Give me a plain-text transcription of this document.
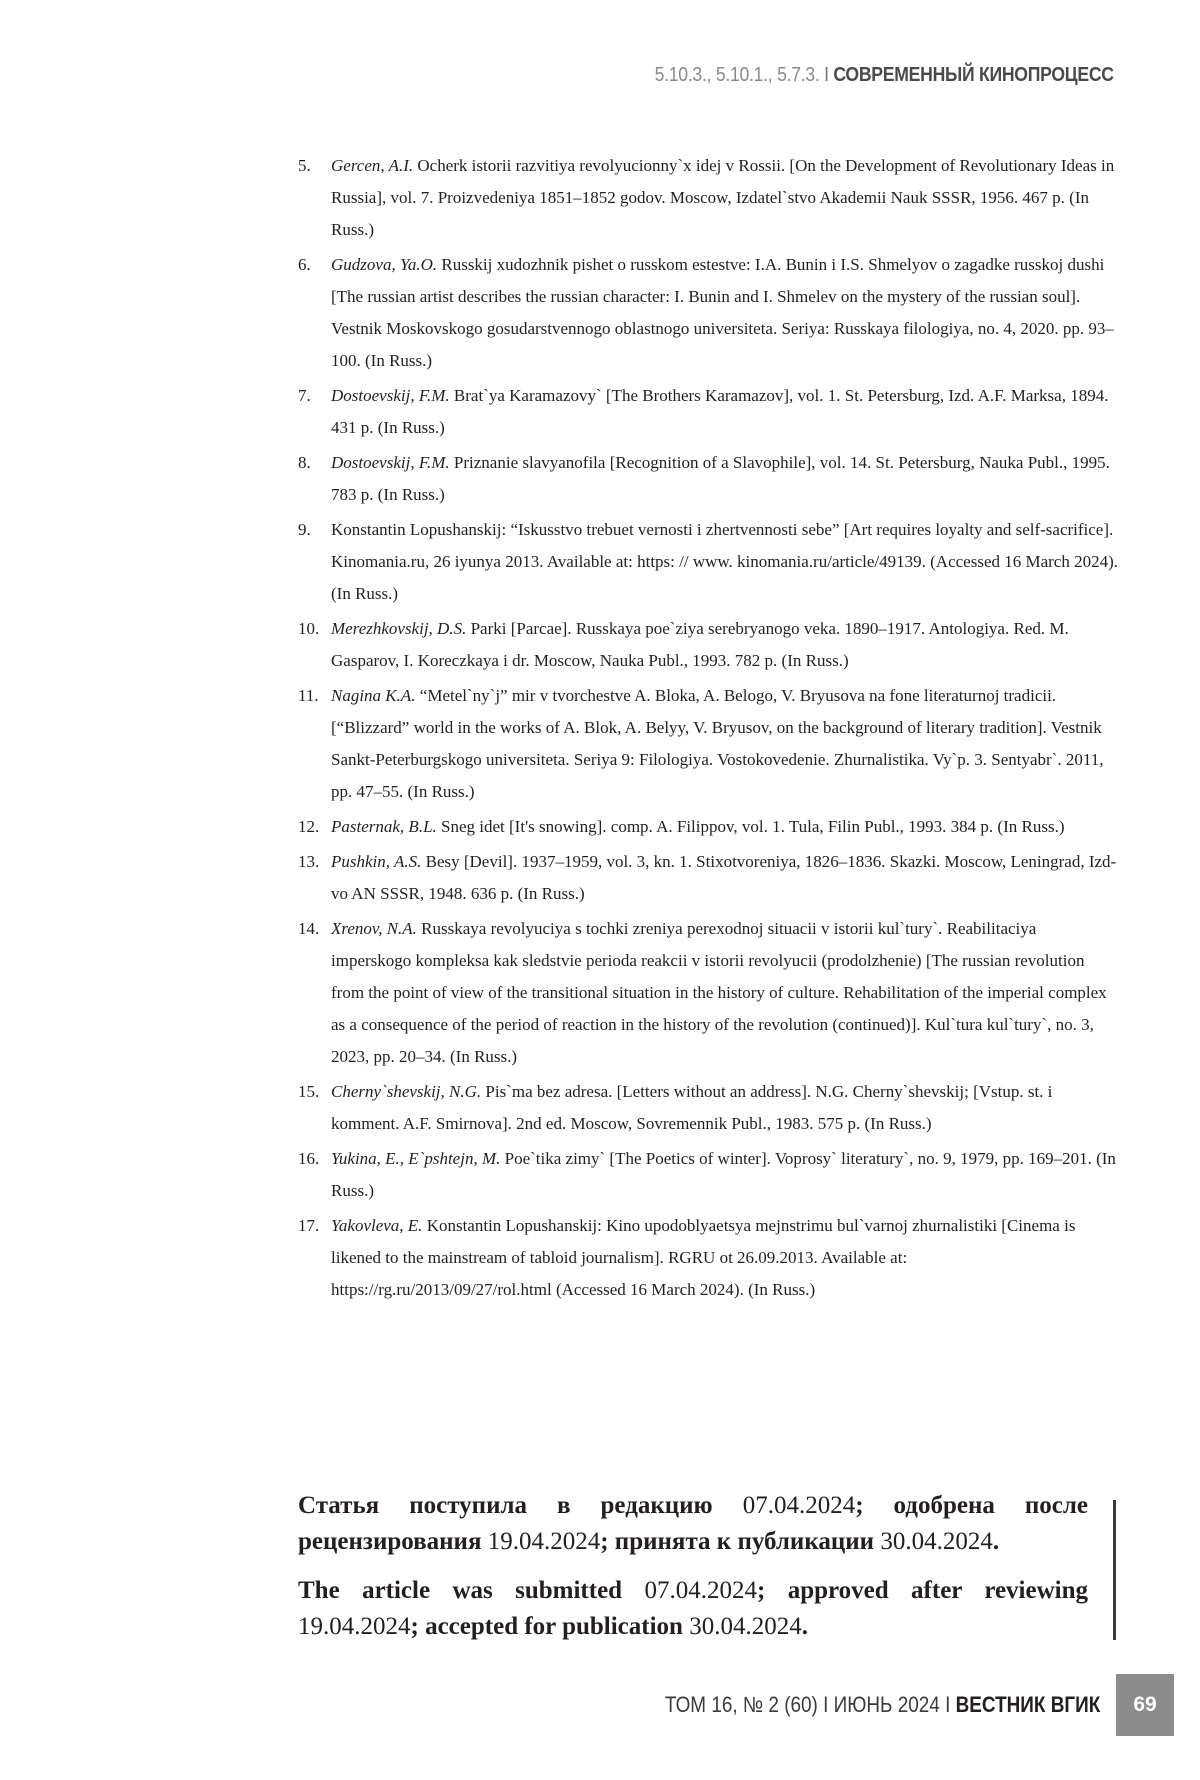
5.10.3., 5.10.1., 5.7.3. I СОВРЕМЕННЫЙ КИНОПРОЦЕСС
5. Gercen, A.I. Ocherk istorii razvitiya revolyucionny`x idej v Rossii. [On the Development of Revolutionary Ideas in Russia], vol. 7. Proizvedeniya 1851–1852 godov. Moscow, Izdatel`stvo Akademii Nauk SSSR, 1956. 467 p. (In Russ.)
6. Gudzova, Ya.O. Russkij xudozhnik pishet o russkom estestve: I.A. Bunin i I.S. Shmelyov o zagadke russkoj dushi [The russian artist describes the russian character: I. Bunin and I. Shmelev on the mystery of the russian soul]. Vestnik Moskovskogo gosudarstvennogo oblastnogo universiteta. Seriya: Russkaya filologiya, no. 4, 2020. pp. 93–100. (In Russ.)
7. Dostoevskij, F.M. Brat`ya Karamazovy` [The Brothers Karamazov], vol. 1. St. Petersburg, Izd. A.F. Marksa, 1894. 431 p. (In Russ.)
8. Dostoevskij, F.M. Priznanie slavyanofila [Recognition of a Slavophile], vol. 14. St. Petersburg, Nauka Publ., 1995. 783 p. (In Russ.)
9. Konstantin Lopushanskij: “Iskusstvo trebuet vernosti i zhertvennosti sebe” [Art requires loyalty and self-sacrifice]. Kinomania.ru, 26 iyunya 2013. Available at: https: // www. kinomania.ru/article/49139. (Accessed 16 March 2024). (In Russ.)
10. Merezhkovskij, D.S. Parki [Parcae]. Russkaya poe`ziya serebryanogo veka. 1890–1917. Antologiya. Red. M. Gasparov, I. Koreczkaya i dr. Moscow, Nauka Publ., 1993. 782 p. (In Russ.)
11. Nagina K.A. “Metel`ny`j” mir v tvorchestve A. Bloka, A. Belogo, V. Bryusova na fone literaturnoj tradicii. [“Blizzard” world in the works of A. Blok, A. Belyy, V. Bryusov, on the background of literary tradition]. Vestnik Sankt-Peterburgskogo universiteta. Seriya 9: Filologiya. Vostokovedenie. Zhurnalistika. Vy`p. 3. Sentyabr`. 2011, pp. 47–55. (In Russ.)
12. Pasternak, B.L. Sneg idet [It's snowing]. comp. A. Filippov, vol. 1. Tula, Filin Publ., 1993. 384 p. (In Russ.)
13. Pushkin, A.S. Besy [Devil]. 1937–1959, vol. 3, kn. 1. Stixotvoreniya, 1826–1836. Skazki. Moscow, Leningrad, Izd-vo AN SSSR, 1948. 636 p. (In Russ.)
14. Xrenov, N.A. Russkaya revolyuciya s tochki zreniya perexodnoj situacii v istorii kul`tury`. Reabilitaciya imperskogo kompleksa kak sledstvie perioda reakcii v istorii revolyucii (prodolzhenie) [The russian revolution from the point of view of the transitional situation in the history of culture. Rehabilitation of the imperial complex as a consequence of the period of reaction in the history of the revolution (continued)]. Kul`tura kul`tury`, no. 3, 2023, pp. 20–34. (In Russ.)
15. Cherny`shevskij, N.G. Pis`ma bez adresa. [Letters without an address]. N.G. Cherny`shevskij; [Vstup. st. i komment. A.F. Smirnova]. 2nd ed. Moscow, Sovremennik Publ., 1983. 575 p. (In Russ.)
16. Yukina, E., E`pshtejn, M. Poe`tika zimy` [The Poetics of winter]. Voprosy` literatury`, no. 9, 1979, pp. 169–201. (In Russ.)
17. Yakovleva, E. Konstantin Lopushanskij: Kino upodoblyaetsya mejnstrimu bul`varnoj zhurnalistiki [Cinema is likened to the mainstream of tabloid journalism]. RGRU ot 26.09.2013. Available at: https://rg.ru/2013/09/27/rol.html (Accessed 16 March 2024). (In Russ.)

Статья поступила в редакцию 07.04.2024; одобрена после рецензирования 19.04.2024; принята к публикации 30.04.2024.

The article was submitted 07.04.2024; approved after reviewing 19.04.2024; accepted for publication 30.04.2024.

ТОМ 16, № 2 (60) I ИЮНЬ 2024 I ВЕСТНИК ВГИК	69
